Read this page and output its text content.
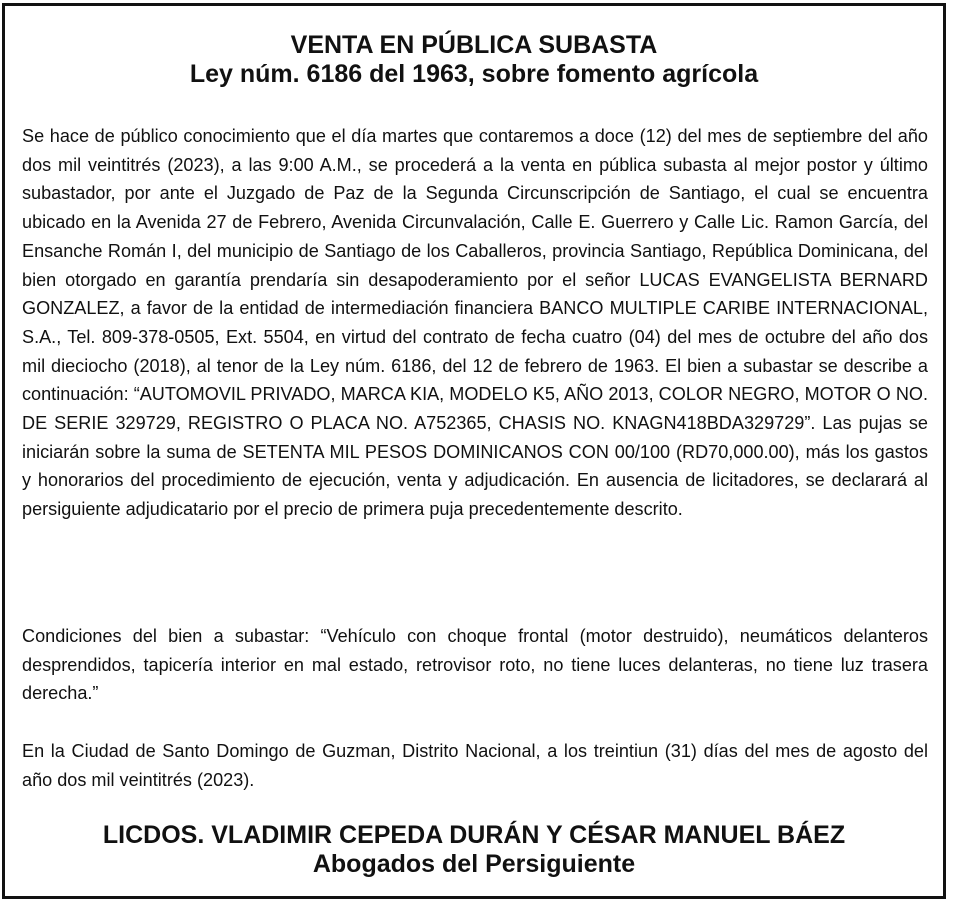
VENTA EN PÚBLICA SUBASTA
Ley núm. 6186 del 1963, sobre fomento agrícola

Se hace de público conocimiento que el día martes que contaremos a doce (12) del mes de septiembre del año dos mil veintitrés (2023), a las 9:00 A.M., se procederá a la venta en pública subasta al mejor postor y último subastador, por ante el Juzgado de Paz de la Segunda Circunscripción de Santiago, el cual se encuentra ubicado en la Avenida 27 de Febrero, Avenida Circunvalación, Calle E. Guerrero y Calle Lic. Ramon García, del Ensanche Román I, del municipio de Santiago de los Caballeros, provincia Santiago, República Dominicana, del bien otorgado en garantía prendaría sin desapoderamiento por el señor LUCAS EVANGELISTA BERNARD GONZALEZ, a favor de la entidad de intermediación financiera BANCO MULTIPLE CARIBE INTERNACIONAL, S.A., Tel. 809-378-0505, Ext. 5504, en virtud del contrato de fecha cuatro (04) del mes de octubre del año dos mil dieciocho (2018), al tenor de la Ley núm. 6186, del 12 de febrero de 1963. El bien a subastar se describe a continuación: “AUTOMOVIL PRIVADO, MARCA KIA, MODELO K5, AÑO 2013, COLOR NEGRO, MOTOR O NO. DE SERIE 329729, REGISTRO O PLACA NO. A752365, CHASIS NO. KNAGN418BDA329729”. Las pujas se iniciarán sobre la suma de SETENTA MIL PESOS DOMINICANOS CON 00/100 (RD70,000.00), más los gastos y honorarios del procedimiento de ejecución, venta y adjudicación. En ausencia de licitadores, se declarará al persiguiente adjudicatario por el precio de primera puja precedentemente descrito.

Condiciones del bien a subastar: “Vehículo con choque frontal (motor destruido), neumáticos delanteros desprendidos, tapicería interior en mal estado, retrovisor roto, no tiene luces delanteras, no tiene luz trasera derecha.”

En la Ciudad de Santo Domingo de Guzman, Distrito Nacional, a los treintiun (31) días del mes de agosto del año dos mil veintitrés (2023).

LICDOS. VLADIMIR CEPEDA DURÁN Y CÉSAR MANUEL BÁEZ
Abogados del Persiguiente
